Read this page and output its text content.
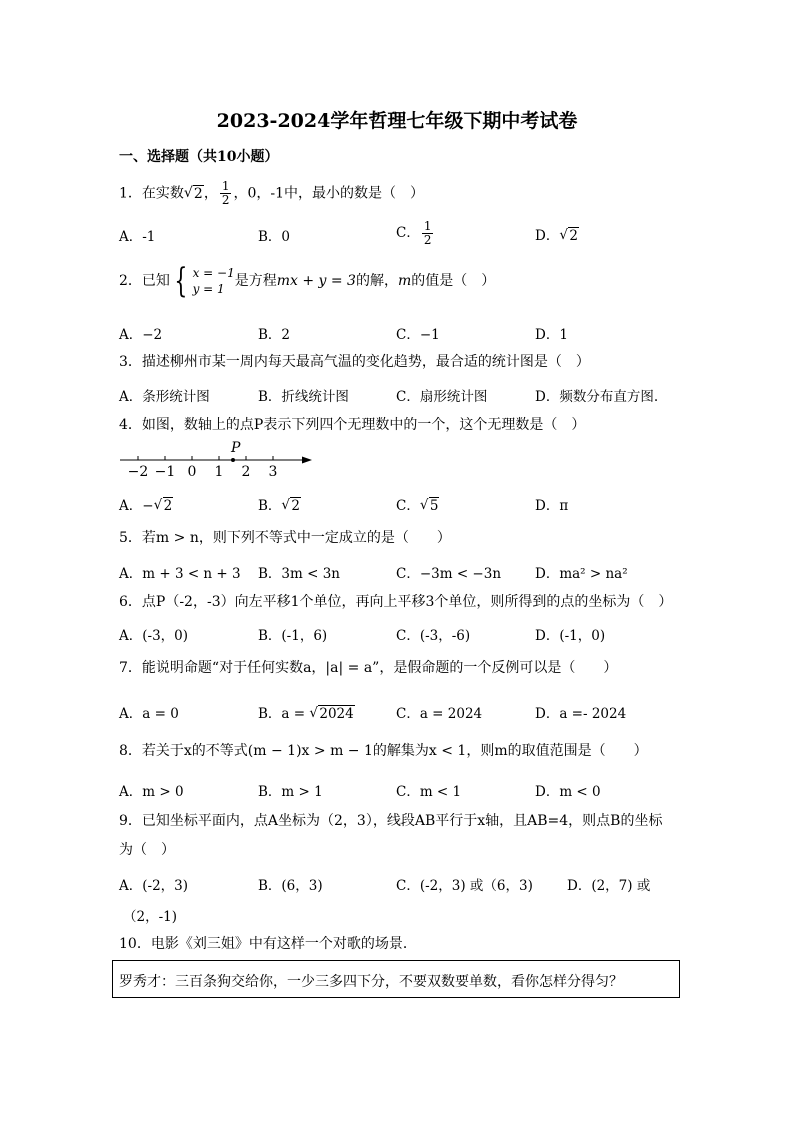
2023-2024学年哲理七年级下期中考试卷
一、选择题（共10小题）
1．在实数 √ 2， $\frac{1}{2}$ ，0，-1中，最小的数是（　）
A．-1	B．0	C． $\frac{1}{2}$	D． √ 2
2．已知 { x = −1
y = 1 是方程mx + y = 3的解，m的值是（　）
A．−2	B．2	C．−1	D．1
3．描述柳州市某一周内每天最高气温的变化趋势，最合适的统计图是（　）
A．条形统计图	B．折线统计图	C．扇形统计图	D．频数分布直方图.
4．如图，数轴上的点P表示下列四个无理数中的一个，这个无理数是（　）
P
−2 −1 0 1 2 3
A．− √ 2	B． √ 2	C． √ 5	D．π
5．若m > n，则下列不等式中一定成立的是（　　）
A．m + 3 < n + 3 B．3m < 3n	C．−3m < −3n	D．ma² > na²
6．点P（-2，-3）向左平移1个单位，再向上平移3个单位，则所得到的点的坐标为（　）
A．(-3，0)	B．(-1，6)	C．(-3，-6)	D．(-1，0)
7．能说明命题“对于任何实数a，|a| = a”，是假命题的一个反例可以是（　　）
A．a = 0	B．a = √ 2024	C．a = 2024	D．a =- 2024
8．若关于x的不等式(m − 1)x > m − 1的解集为x < 1，则m的取值范围是（　　）
A．m > 0	B．m > 1	C．m < 1	D．m < 0
9．已知坐标平面内，点A坐标为（2，3），线段AB平行于x轴，且AB=4，则点B的坐标
为（　）
A．(-2，3)	B．(6，3)	C．(-2，3) 或（6，3)	D．(2，7) 或
（2，-1)
10．电影《刘三姐》中有这样一个对歌的场景．
罗秀才：三百条狗交给你，一少三多四下分，不要双数要单数，看你怎样分得匀？
